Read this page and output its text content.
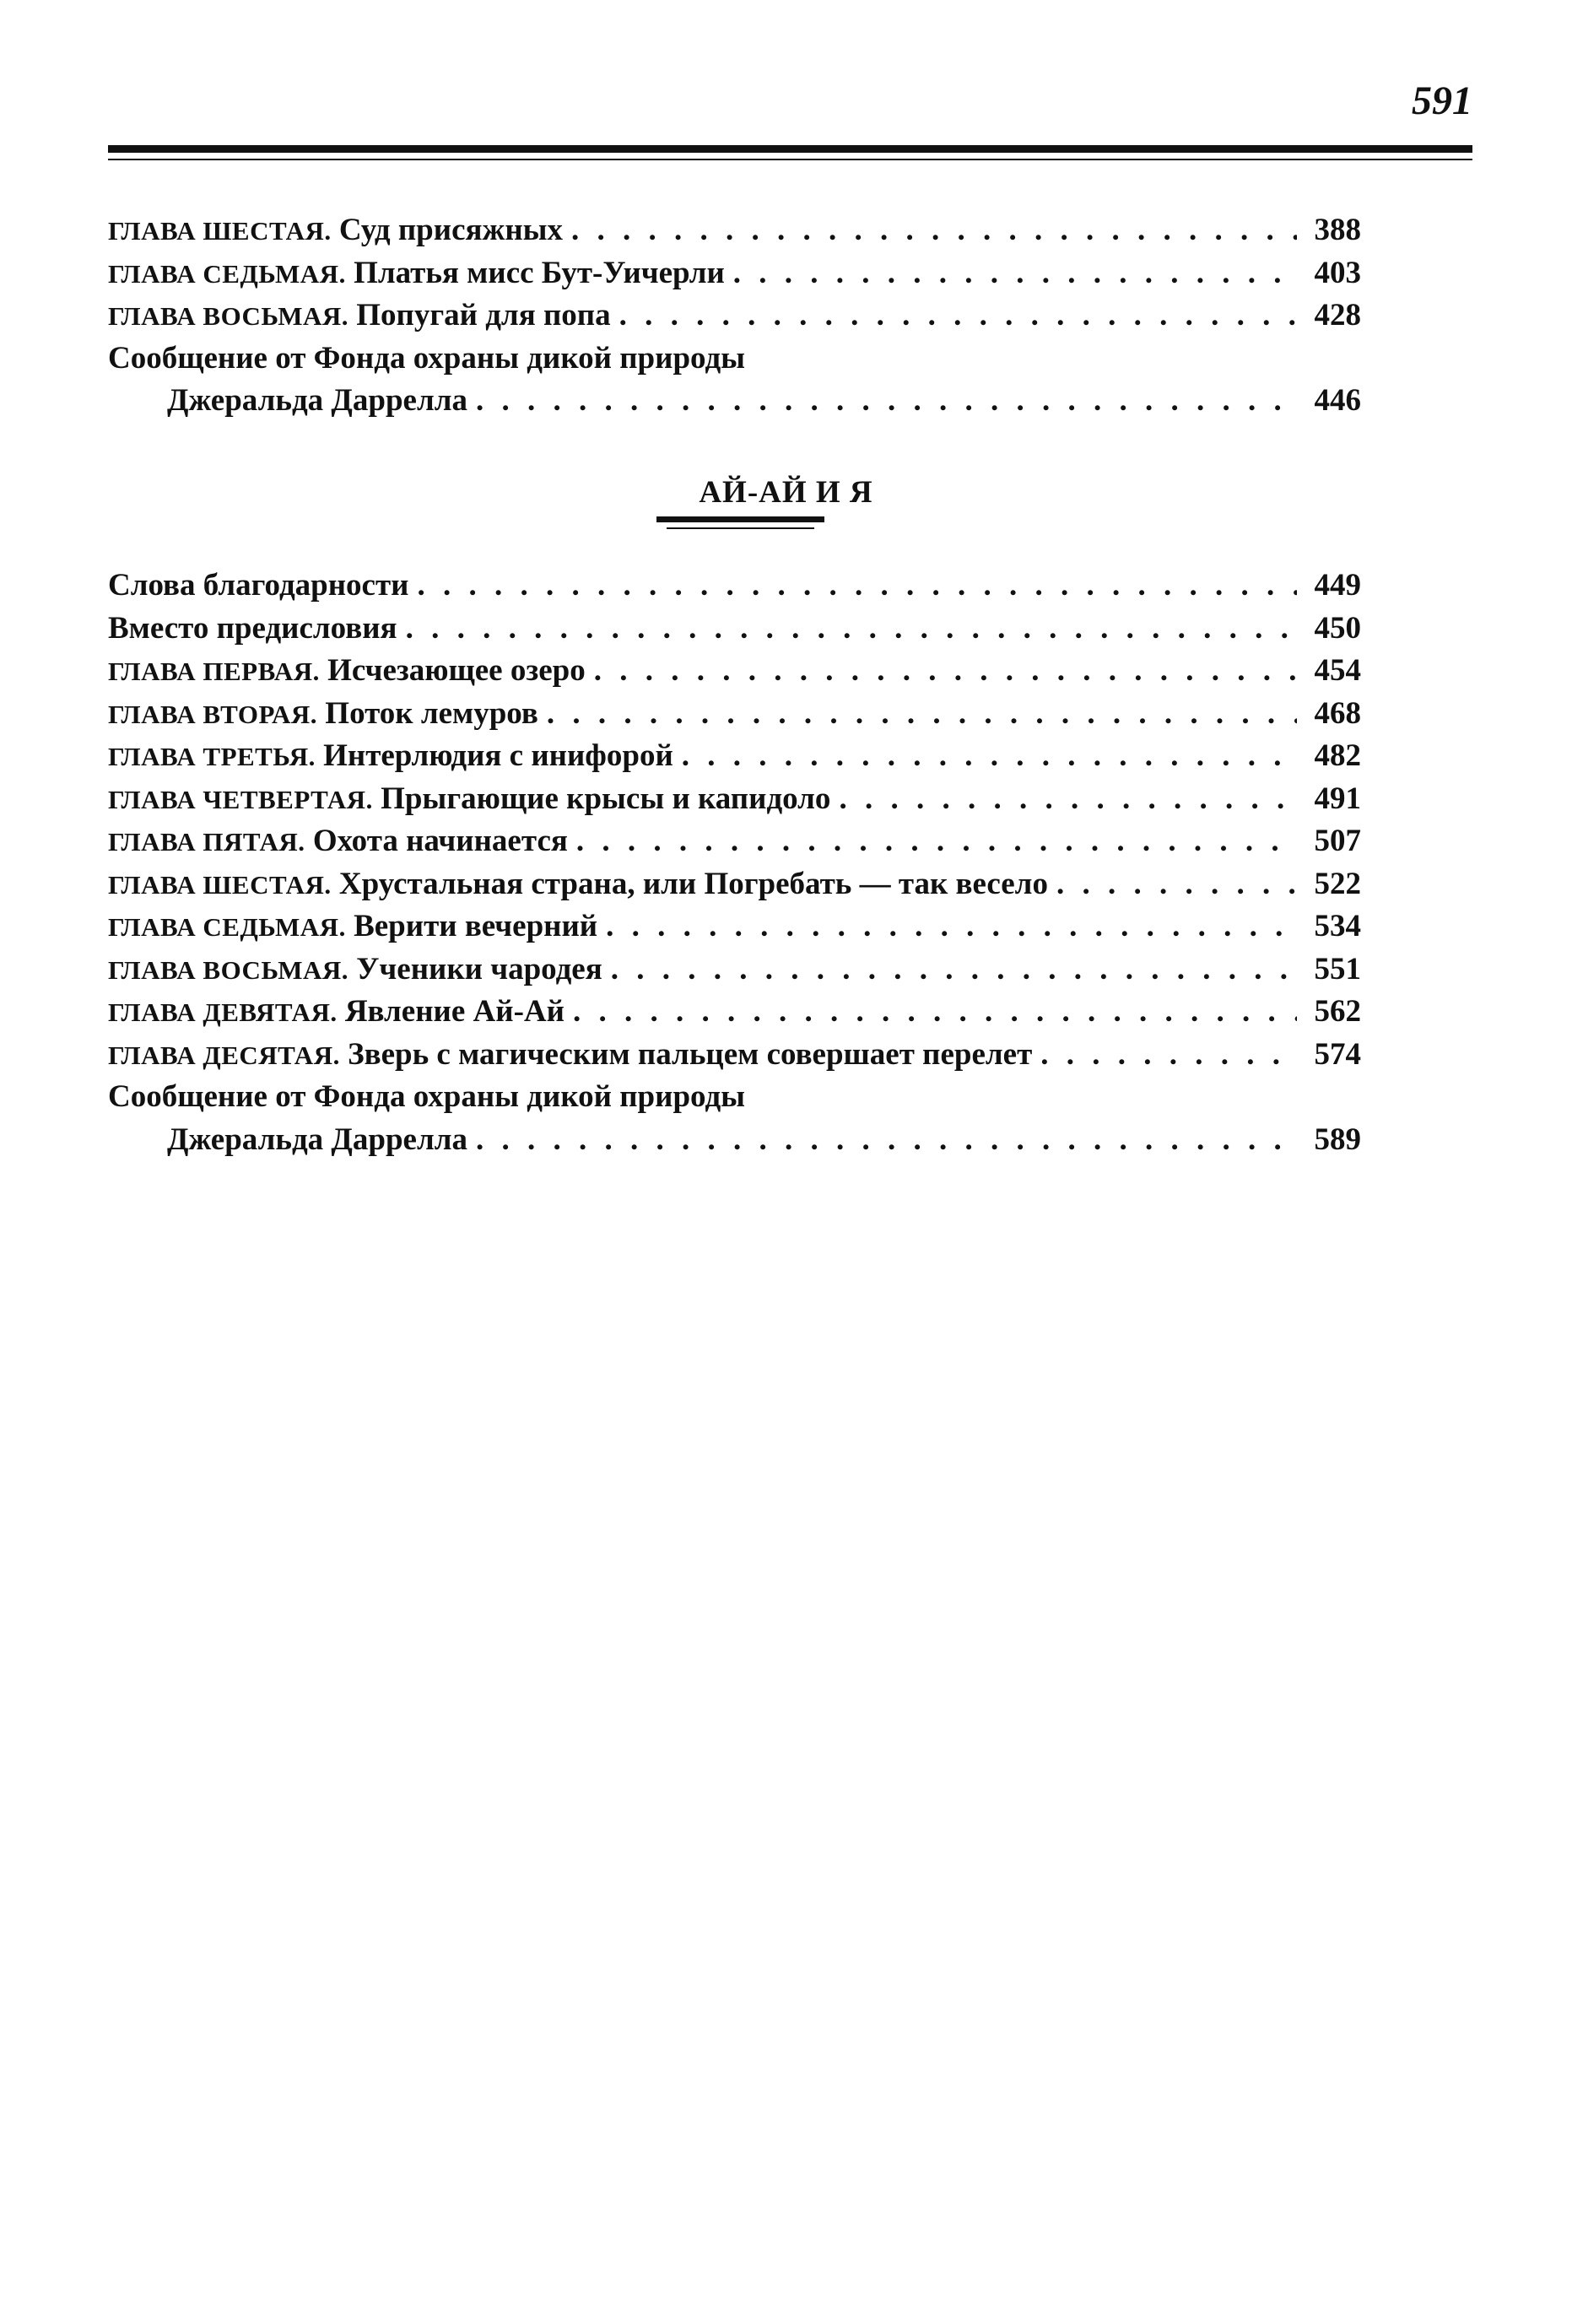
591
ГЛАВА ШЕСТАЯ. Суд присяжных . . .	388
ГЛАВА СЕДЬМАЯ. Платья мисс Бут-Уичерли . . .	403
ГЛАВА ВОСЬМАЯ. Попугай для попа . . .	428
Сообщение от Фонда охраны дикой природы
Джеральда Даррелла . . .	446
АЙ-АЙ И Я
Слова благодарности . . .	449
Вместо предисловия . . .	450
ГЛАВА ПЕРВАЯ. Исчезающее озеро . . .	454
ГЛАВА ВТОРАЯ. Поток лемуров . . .	468
ГЛАВА ТРЕТЬЯ. Интерлюдия с инифорой . . .	482
ГЛАВА ЧЕТВЕРТАЯ. Прыгающие крысы и капидоло . . .	491
ГЛАВА ПЯТАЯ. Охота начинается . . .	507
ГЛАВА ШЕСТАЯ. Хрустальная страна, или Погребать — так весело . . .	522
ГЛАВА СЕДЬМАЯ. Верити вечерний . . .	534
ГЛАВА ВОСЬМАЯ. Ученики чародея . . .	551
ГЛАВА ДЕВЯТАЯ. Явление Ай-Ай . . .	562
ГЛАВА ДЕСЯТАЯ. Зверь с магическим пальцем совершает перелет . . .	574
Сообщение от Фонда охраны дикой природы
Джеральда Даррелла . . .	589
